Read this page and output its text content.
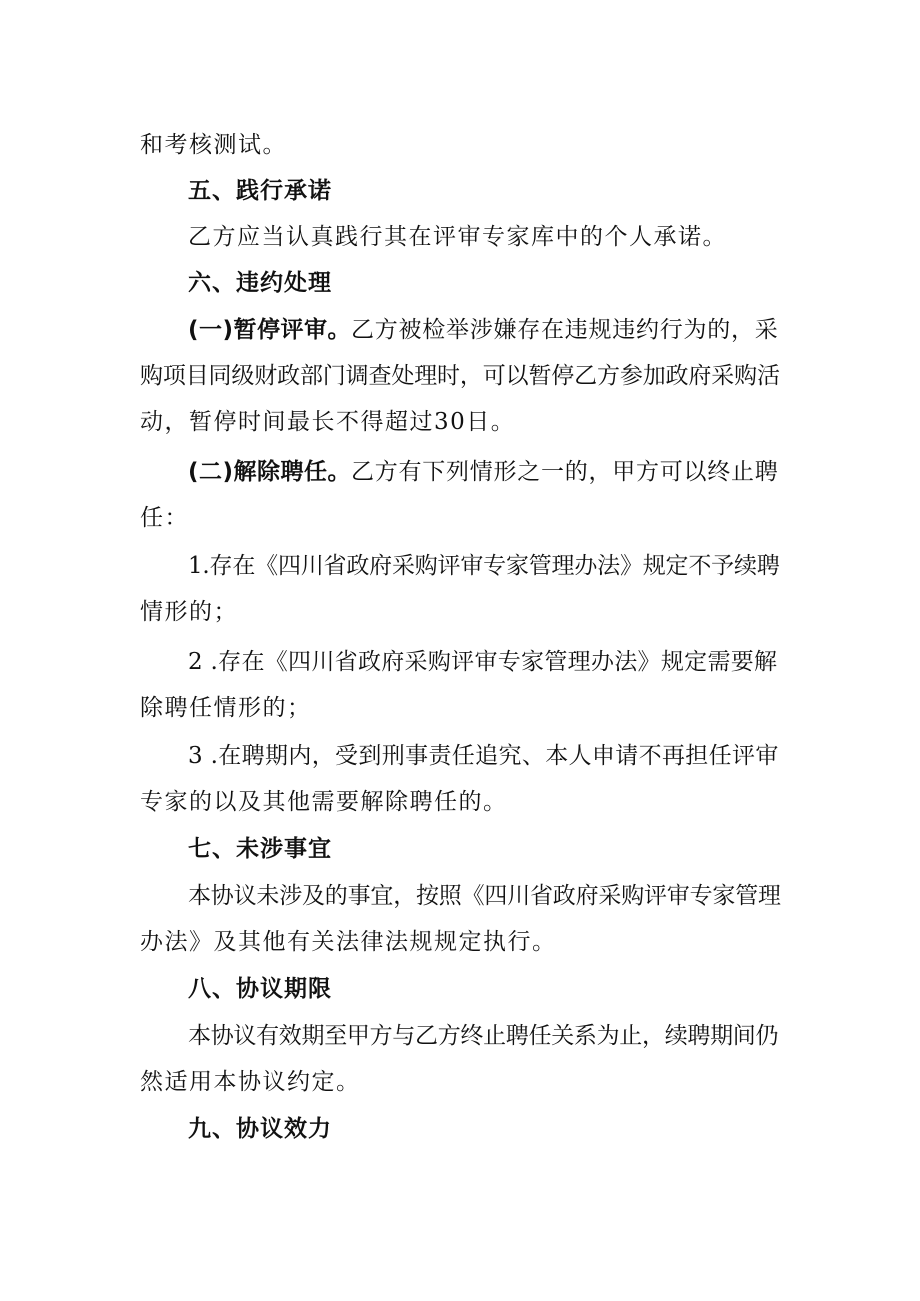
和考核测试。
五、践行承诺
乙方应当认真践行其在评审专家库中的个人承诺。
六、违约处理
(一)暂停评审。乙方被检举涉嫌存在违规违约行为的，采
购项目同级财政部门调查处理时，可以暂停乙方参加政府采购活
动，暂停时间最长不得超过30日。
(二)解除聘任。乙方有下列情形之一的，甲方可以终止聘
任：
1.存在《四川省政府采购评审专家管理办法》规定不予续聘
情形的；
2 .存在《四川省政府采购评审专家管理办法》规定需要解
除聘任情形的；
3 .在聘期内，受到刑事责任追究、本人申请不再担任评审
专家的以及其他需要解除聘任的。
七、未涉事宜
本协议未涉及的事宜，按照《四川省政府采购评审专家管理
办法》及其他有关法律法规规定执行。
八、协议期限
本协议有效期至甲方与乙方终止聘任关系为止，续聘期间仍
然适用本协议约定。
九、协议效力
